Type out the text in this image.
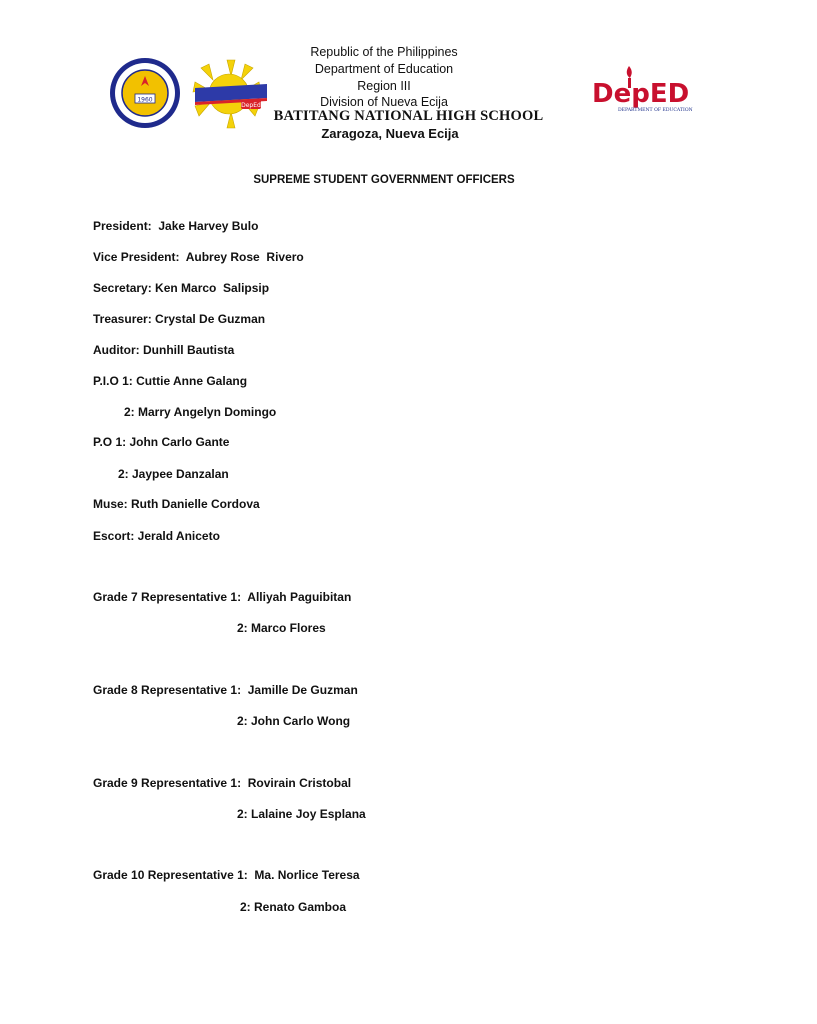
1960
DepEd	DepED
DEPARTMENT OF EDUCATION
Republic of the Philippines
Department of Education
Region III
Division of Nueva Ecija
BATITANG NATIONAL HIGH SCHOOL
Zaragoza, Nueva Ecija
SUPREME STUDENT GOVERNMENT OFFICERS
President:  Jake Harvey Bulo
Vice President:  Aubrey Rose  Rivero
Secretary: Ken Marco  Salipsip
Treasurer: Crystal De Guzman
Auditor: Dunhill Bautista
P.I.O 1: Cuttie Anne Galang
2: Marry Angelyn Domingo
P.O 1: John Carlo Gante
2: Jaypee Danzalan
Muse: Ruth Danielle Cordova
Escort: Jerald Aniceto
Grade 7 Representative 1:  Alliyah Paguibitan
2: Marco Flores
Grade 8 Representative 1:  Jamille De Guzman
2: John Carlo Wong
Grade 9 Representative 1:  Rovirain Cristobal
2: Lalaine Joy Esplana
Grade 10 Representative 1:  Ma. Norlice Teresa
2: Renato Gamboa
